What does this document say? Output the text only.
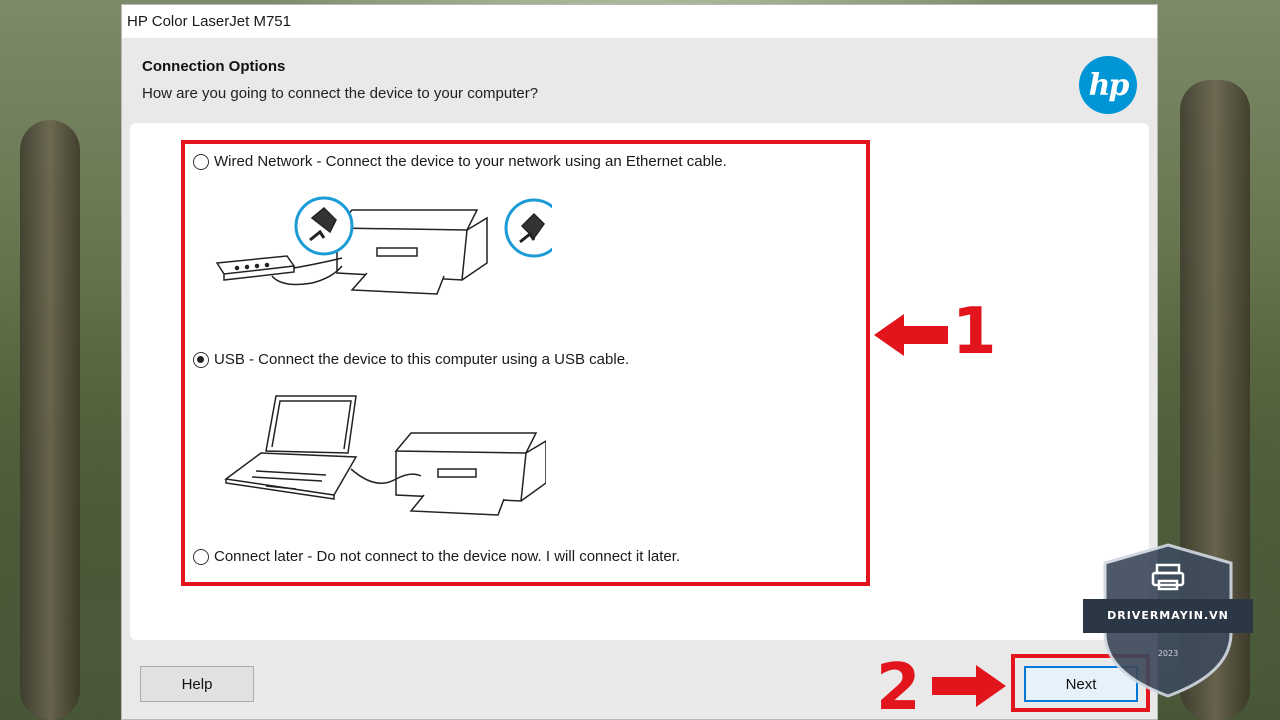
HP Color LaserJet M751
Connection Options
How are you going to connect the device to your computer?	hp
Wired Network - Connect the device to your network using an Ethernet cable.
USB - Connect the device to this computer using a USB cable.
Connect later - Do not connect to the device now. I will connect it later.
1
2
Help	Next
DRIVERMAYIN.VN
2023
